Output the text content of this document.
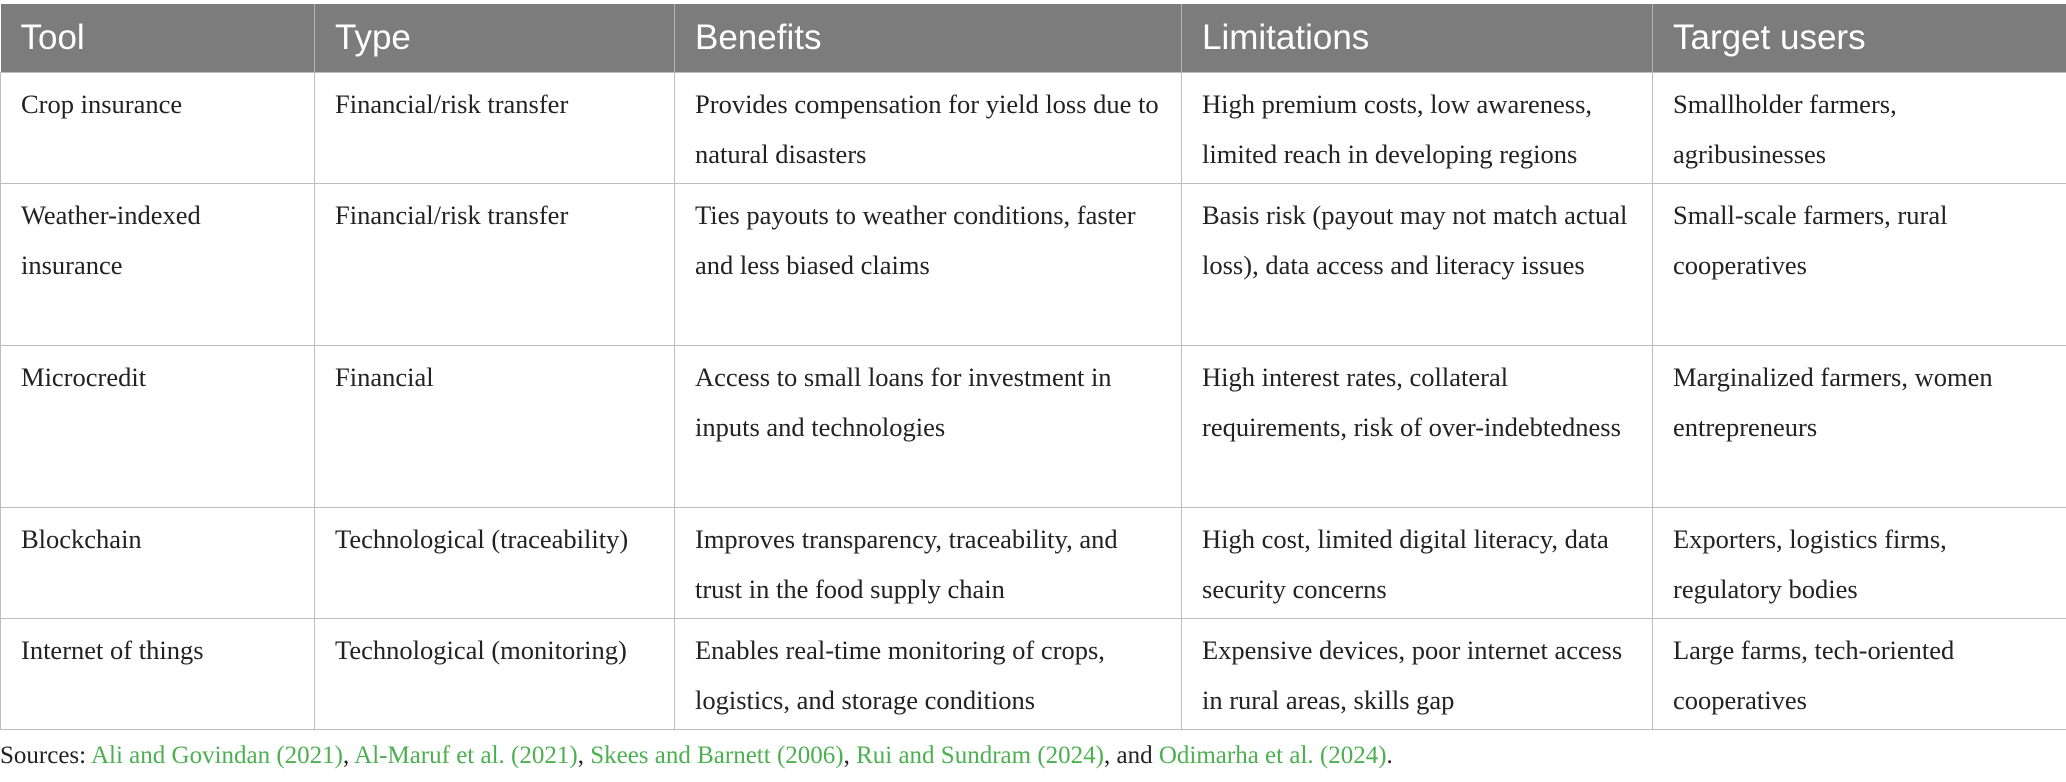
Tool	Type	Benefits	Limitations	Target users
Crop insurance	Financial/risk transfer	Provides compensation for yield loss due to natural disasters	High premium costs, low awareness, limited reach in developing regions	Smallholder farmers, agribusinesses
Weather-indexed insurance	Financial/risk transfer	Ties payouts to weather conditions, faster and less biased claims	Basis risk (payout may not match actual loss), data access and literacy issues	Small-scale farmers, rural cooperatives
Microcredit	Financial	Access to small loans for investment in inputs and technologies	High interest rates, collateral requirements, risk of over-indebtedness	Marginalized farmers, women entrepreneurs
Blockchain	Technological (traceability)	Improves transparency, traceability, and trust in the food supply chain	High cost, limited digital literacy, data security concerns	Exporters, logistics firms, regulatory bodies
Internet of things	Technological (monitoring)	Enables real-time monitoring of crops, logistics, and storage conditions	Expensive devices, poor internet access in rural areas, skills gap	Large farms, tech-oriented cooperatives
Sources: Ali and Govindan (2021), Al-Maruf et al. (2021), Skees and Barnett (2006), Rui and Sundram (2024), and Odimarha et al. (2024).
